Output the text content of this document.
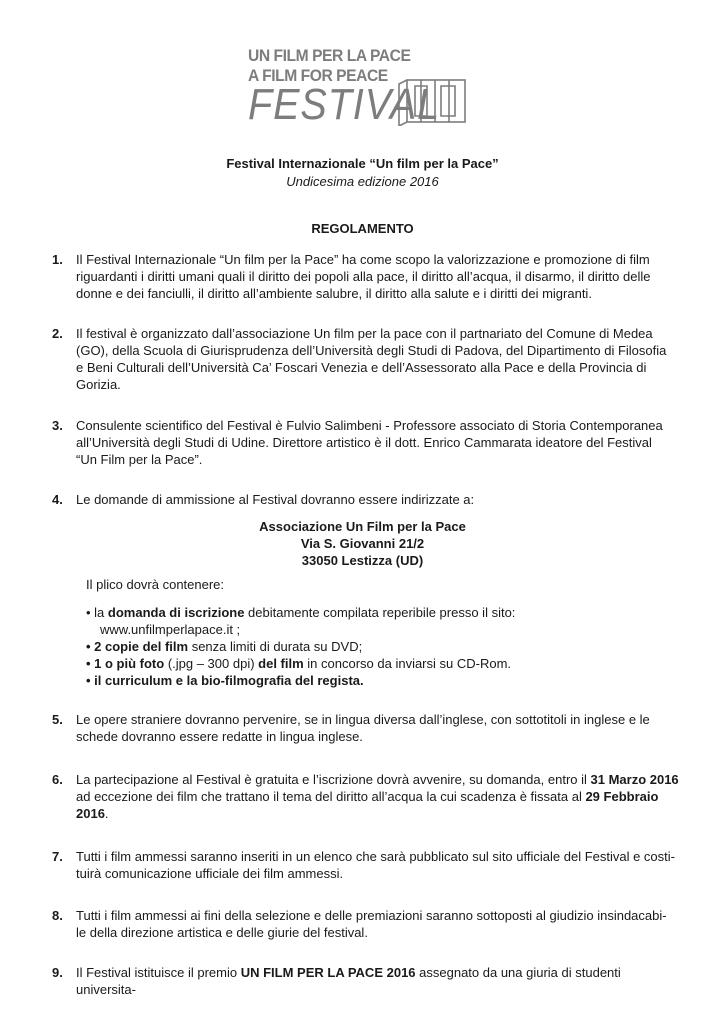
UN FILM PER LA PACE
A FILM FOR PEACE
FESTIVAL
Festival Internazionale “Un film per la Pace”
Undicesima edizione 2016
REGOLAMENTO
1.	Il Festival Internazionale “Un film per la Pace” ha come scopo la valorizzazione e promozione di film

riguardanti i diritti umani quali il diritto dei popoli alla pace, il diritto all’acqua, il disarmo, il diritto delle

donne e dei fanciulli, il diritto all’ambiente salubre, il diritto alla salute e i diritti dei migranti.

2.	Il festival è organizzato dall’associazione Un film per la pace con il partnariato del Comune di Medea

(GO), della Scuola di Giurisprudenza dell’Università degli Studi di Padova, del Dipartimento di Filosofia

e Beni Culturali dell’Università Ca’ Foscari Venezia e dell’Assessorato alla Pace e della Provincia di

Gorizia.

3.	Consulente scientifico del Festival è Fulvio Salimbeni - Professore associato di Storia Contemporanea

all’Università degli Studi di Udine. Direttore artistico è il dott. Enrico Cammarata ideatore del Festival

“Un Film per la Pace”.

4.	Le domande di ammissione al Festival dovranno essere indirizzate a:

Associazione Un Film per la Pace
Via S. Giovanni 21/2
33050 Lestizza (UD)
Il plico dovrà contenere:

• la domanda di iscrizione debitamente compilata reperibile presso il sito:

www.unfilmperlapace.it ;

• 2 copie del film senza limiti di durata su DVD;

• 1 o più foto (.jpg – 300 dpi) del film in concorso da inviarsi su CD-Rom.

• il curriculum e la bio-filmografia del regista.

5.	Le opere straniere dovranno pervenire, se in lingua diversa dall’inglese, con sottotitoli in inglese e le

schede dovranno essere redatte in lingua inglese.

6.	La partecipazione al Festival è gratuita e l’iscrizione dovrà avvenire, su domanda, entro il 31 Marzo 2016

ad eccezione dei film che trattano il tema del diritto all’acqua la cui scadenza è fissata al 29 Febbraio

2016.

7.	Tutti i film ammessi saranno inseriti in un elenco che sarà pubblicato sul sito ufficiale del Festival e costi-

tuirà comunicazione ufficiale dei film ammessi.

8.	Tutti i film ammessi ai fini della selezione e delle premiazioni saranno sottoposti al giudizio insindacabi-

le della direzione artistica e delle giurie del festival.

9.	Il Festival istituisce il premio UN FILM PER LA PACE 2016 assegnato da una giuria di studenti universita-
